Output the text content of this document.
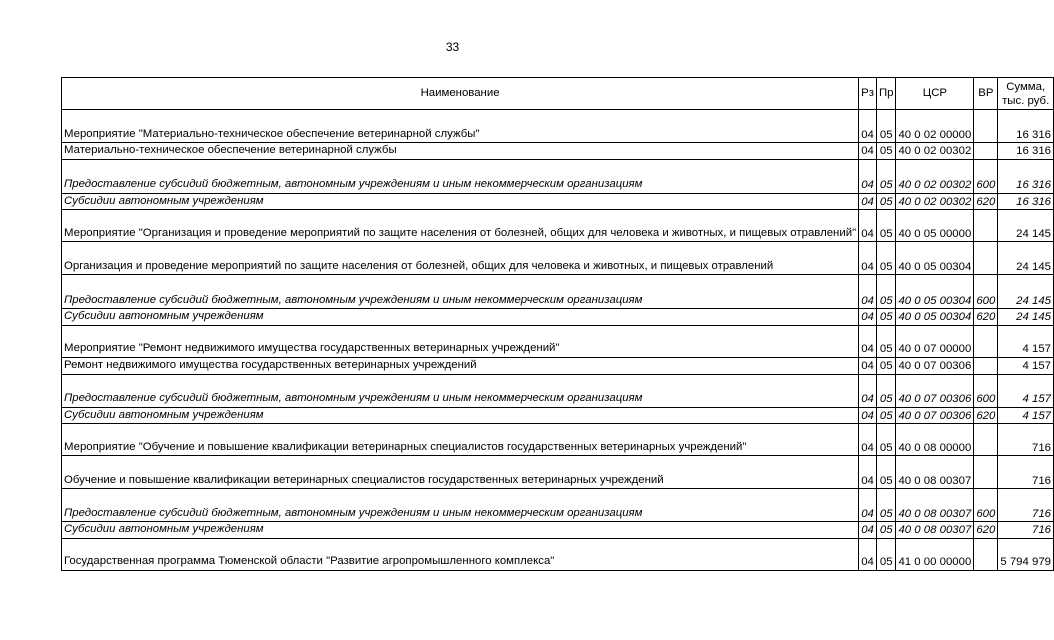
33
Наименование	Рз	Пр	ЦСР	ВР	Сумма, тыс. руб.
Мероприятие "Материально-техническое обеспечение ветеринарной службы"	04	05	40 0 02 00000		16 316
Материально-техническое обеспечение ветеринарной службы	04	05	40 0 02 00302		16 316
Предоставление субсидий бюджетным, автономным учреждениям и иным некоммерческим организациям	04	05	40 0 02 00302	600	16 316
Субсидии автономным учреждениям	04	05	40 0 02 00302	620	16 316
Мероприятие "Организация и проведение мероприятий по защите населения от болезней, общих для человека и животных, и пищевых отравлений"	04	05	40 0 05 00000		24 145
Организация и проведение мероприятий по защите населения от болезней, общих для человека и животных, и пищевых отравлений	04	05	40 0 05 00304		24 145
Предоставление субсидий бюджетным, автономным учреждениям и иным некоммерческим организациям	04	05	40 0 05 00304	600	24 145
Субсидии автономным учреждениям	04	05	40 0 05 00304	620	24 145
Мероприятие "Ремонт недвижимого имущества государственных ветеринарных учреждений"	04	05	40 0 07 00000		4 157
Ремонт недвижимого имущества государственных ветеринарных учреждений	04	05	40 0 07 00306		4 157
Предоставление субсидий бюджетным, автономным учреждениям и иным некоммерческим организациям	04	05	40 0 07 00306	600	4 157
Субсидии автономным учреждениям	04	05	40 0 07 00306	620	4 157
Мероприятие "Обучение и повышение квалификации ветеринарных специалистов государственных ветеринарных учреждений"	04	05	40 0 08 00000		716
Обучение и повышение квалификации ветеринарных специалистов государственных ветеринарных учреждений	04	05	40 0 08 00307		716
Предоставление субсидий бюджетным, автономным учреждениям и иным некоммерческим организациям	04	05	40 0 08 00307	600	716
Субсидии автономным учреждениям	04	05	40 0 08 00307	620	716
Государственная программа Тюменской области "Развитие агропромышленного комплекса"	04	05	41 0 00 00000		5 794 979
